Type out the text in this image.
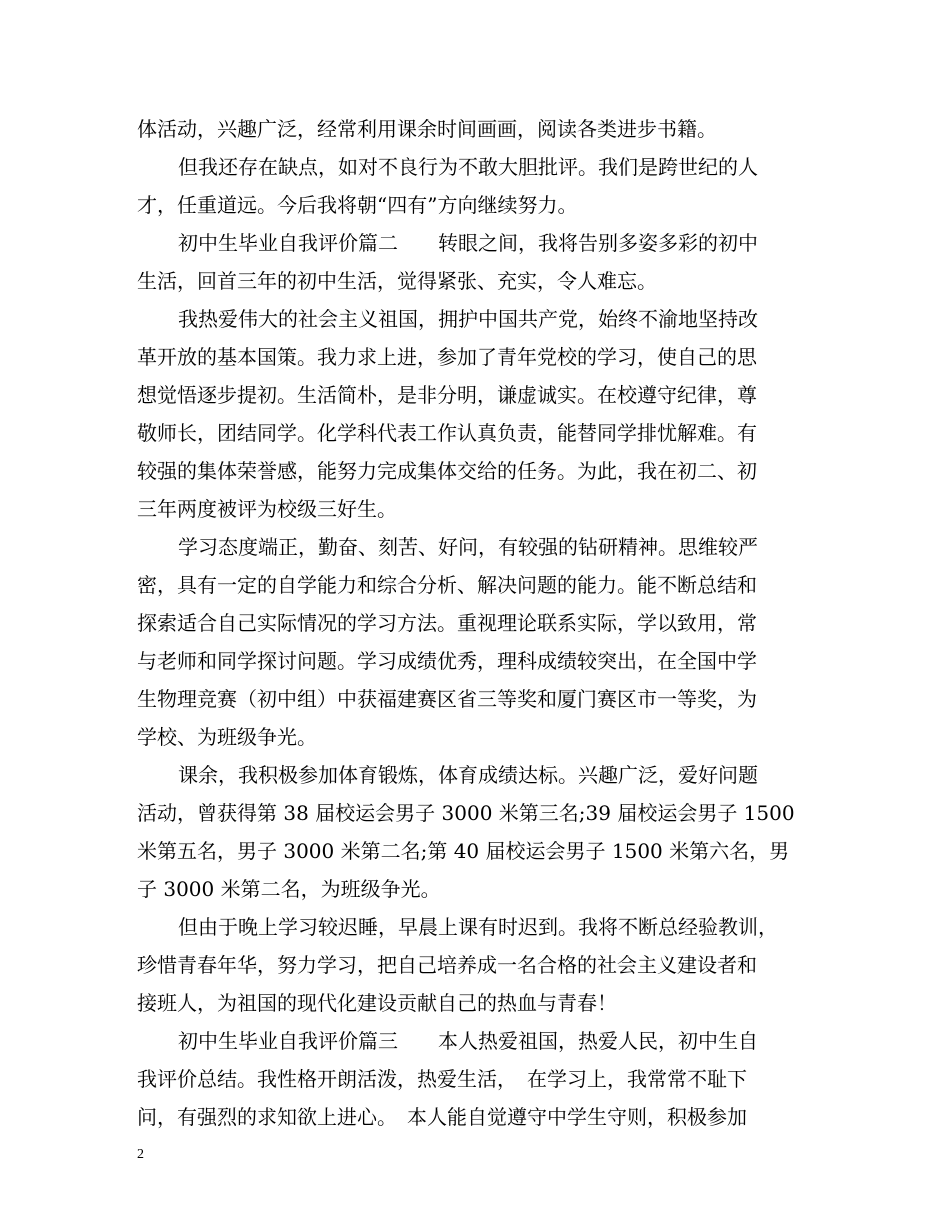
体活动，兴趣广泛，经常利用课余时间画画，阅读各类进步书籍。
但我还存在缺点，如对不良行为不敢大胆批评。我们是跨世纪的人
才，任重道远。今后我将朝“四有”方向继续努力。
初中生毕业自我评价篇二　　转眼之间，我将告别多姿多彩的初中
生活，回首三年的初中生活，觉得紧张、充实，令人难忘。
我热爱伟大的社会主义祖国，拥护中国共产党，始终不渝地坚持改
革开放的基本国策。我力求上进，参加了青年党校的学习，使自己的思
想觉悟逐步提初。生活简朴，是非分明，谦虚诚实。在校遵守纪律，尊
敬师长，团结同学。化学科代表工作认真负责，能替同学排忧解难。有
较强的集体荣誉感，能努力完成集体交给的任务。为此，我在初二、初
三年两度被评为校级三好生。
学习态度端正，勤奋、刻苦、好问，有较强的钻研精神。思维较严
密，具有一定的自学能力和综合分析、解决问题的能力。能不断总结和
探索适合自己实际情况的学习方法。重视理论联系实际，学以致用，常
与老师和同学探讨问题。学习成绩优秀，理科成绩较突出，在全国中学
生物理竞赛（初中组）中获福建赛区省三等奖和厦门赛区市一等奖，为
学校、为班级争光。
课余，我积极参加体育锻炼，体育成绩达标。兴趣广泛，爱好问题
活动，曾获得第 38 届校运会男子 3000 米第三名;39 届校运会男子 1500
米第五名，男子 3000 米第二名;第 40 届校运会男子 1500 米第六名，男
子 3000 米第二名，为班级争光。
但由于晚上学习较迟睡，早晨上课有时迟到。我将不断总经验教训，
珍惜青春年华，努力学习，把自己培养成一名合格的社会主义建设者和
接班人，为祖国的现代化建设贡献自己的热血与青春！
初中生毕业自我评价篇三　　本人热爱祖国，热爱人民，初中生自
我评价总结。我性格开朗活泼，热爱生活，　在学习上，我常常不耻下
问，有强烈的求知欲上进心。　本人能自觉遵守中学生守则，积极参加
2
